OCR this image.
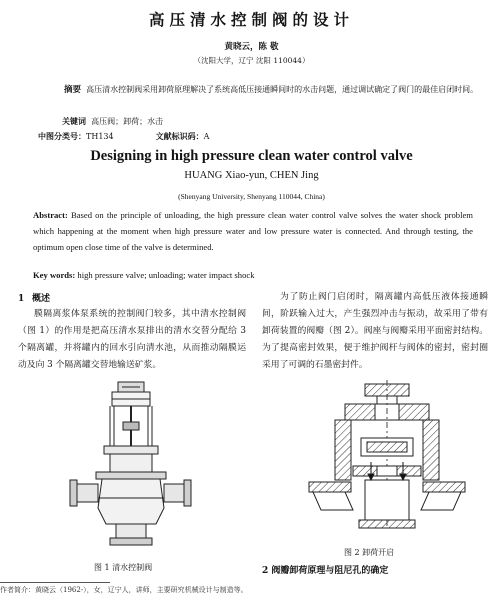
高压清水控制阀的设计
黄晓云，陈 敬
（沈阳大学，辽宁 沈阳 110044）
摘要 高压清水控制阀采用卸荷原理解决了系统高低压接通瞬间时的水击问题，通过调试确定了阀门的最佳启闭时间。
关键词 高压阀；卸荷；水击
中图分类号：TH134	文献标识码：A
Designing in high pressure clean water control valve
HUANG Xiao-yun, CHEN Jing
(Shenyang University, Shenyang 110044, China)
Abstract: Based on the principle of unloading, the high pressure clean water control valve solves the water shock problem which happening at the moment when high pressure water and low pressure water is connected. And through testing, the optimum open close time of the valve is determined.
Key words: high pressure valve; unloading; water impact shock
1 概述
膜隔离浆体泵系统的控制阀门较多，其中清水控制阀（图 1）的作用是把高压清水泵排出的清水交替分配给 3 个隔离罐，并将罐内的回水引向清水池，从而推动隔膜运动及向 3 个隔离罐交替地输送矿浆。
为了防止阀门启闭时，隔离罐内高低压液体接通瞬间，阶跃输入过大，产生强烈冲击与振动，故采用了带有卸荷装置的阀瓣（图 2）。阀座与阀瓣采用平面密封结构。为了提高密封效果，便于维护阀杆与阀体的密封，密封圈采用了可调的石墨密封件。
图 1 清水控制阀
图 2 卸荷开启
2 阀瓣卸荷原理与阻尼孔的确定
作者简介：黄晓云（1962-），女，辽宁人，讲师，主要研究机械设计与制造等。
